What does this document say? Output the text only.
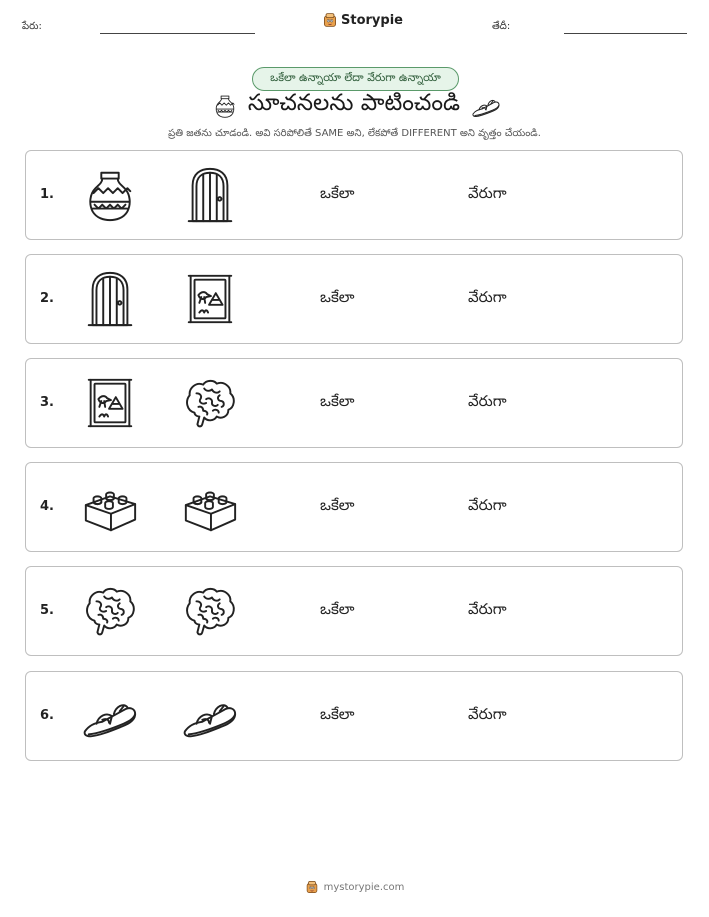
పేరు:	Storypie	తేదీ:
ఒకేలా ఉన్నాయా లేదా వేరుగా ఉన్నాయా
సూచనలను పాటించండి
ప్రతి జతను చూడండి. అవి సరిపోలితే SAME అని, లేకపోతే DIFFERENT అని వృత్తం చేయండి.
1.	ఒకేలా	వేరుగా
2.	ఒకేలా	వేరుగా
3.	ఒకేలా	వేరుగా
4.	ఒకేలా	వేరుగా
5.	ఒకేలా	వేరుగా
6.	ఒకేలా	వేరుగా
mystorypie.com
